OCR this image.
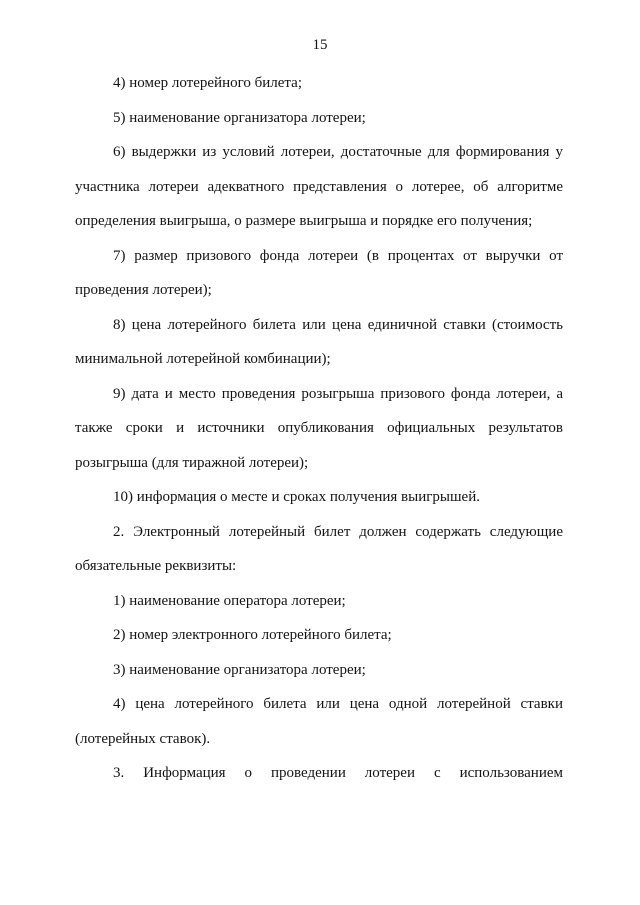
15
4) номер лотерейного билета;
5) наименование организатора лотереи;
6) выдержки из условий лотереи, достаточные для формирования у
участника лотереи адекватного представления о лотерее, об алгоритме
определения выигрыша, о размере выигрыша и порядке его получения;
7) размер призового фонда лотереи (в процентах от выручки от
проведения лотереи);
8) цена лотерейного билета или цена единичной ставки (стоимость
минимальной лотерейной комбинации);
9) дата и место проведения розыгрыша призового фонда лотереи, а
также сроки и источники опубликования официальных результатов
розыгрыша (для тиражной лотереи);
10) информация о месте и сроках получения выигрышей.
2. Электронный лотерейный билет должен содержать следующие
обязательные реквизиты:
1) наименование оператора лотереи;
2) номер электронного лотерейного билета;
3) наименование организатора лотереи;
4) цена лотерейного билета или цена одной лотерейной ставки
(лотерейных ставок).
3. Информация о проведении лотереи с использованием
